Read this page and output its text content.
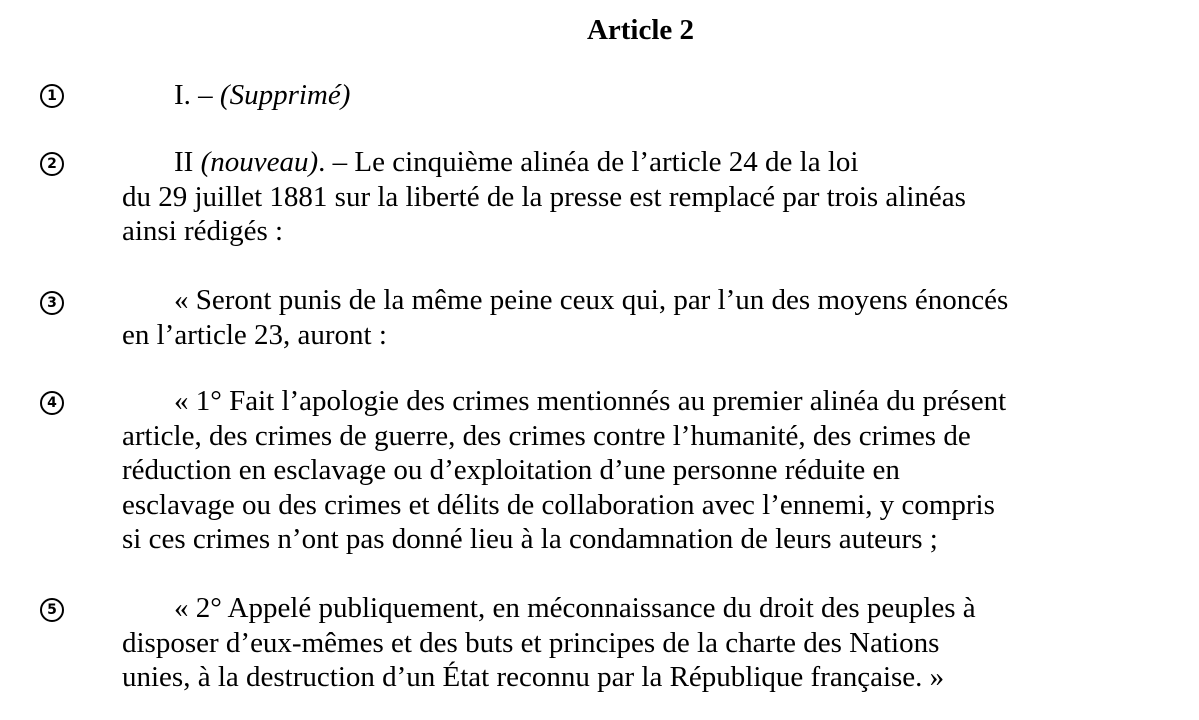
Article 2
1	I. – (Supprimé)
2	II (nouveau). – Le cinquième alinéa de l’article 24 de la loi
du 29 juillet 1881 sur la liberté de la presse est remplacé par trois alinéas
ainsi rédigés :
3	« Seront punis de la même peine ceux qui, par l’un des moyens énoncés
en l’article 23, auront :
4	« 1° Fait l’apologie des crimes mentionnés au premier alinéa du présent
article, des crimes de guerre, des crimes contre l’humanité, des crimes de
réduction en esclavage ou d’exploitation d’une personne réduite en
esclavage ou des crimes et délits de collaboration avec l’ennemi, y compris
si ces crimes n’ont pas donné lieu à la condamnation de leurs auteurs ;
5	« 2° Appelé publiquement, en méconnaissance du droit des peuples à
disposer d’eux-mêmes et des buts et principes de la charte des Nations
unies, à la destruction d’un État reconnu par la République française. »
